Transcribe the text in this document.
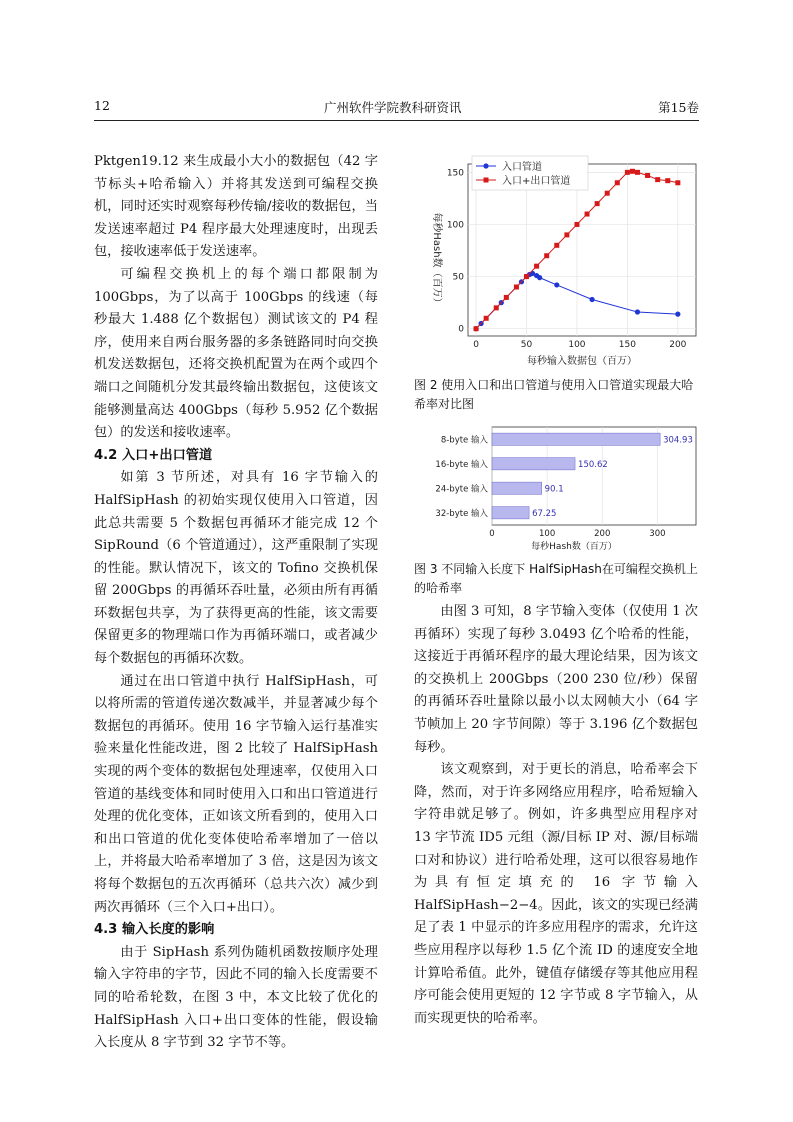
12	广州软件学院教科研资讯	第15卷

Pktgen19.12 来生成最小大小的数据包（42 字节标头+哈希输入）并将其发送到可编程交换机，同时还实时观察每秒传输/接收的数据包，当发送速率超过 P4 程序最大处理速度时，出现丢包，接收速率低于发送速率。

可编程交换机上的每个端口都限制为 100Gbps，为了以高于 100Gbps 的线速（每秒最大 1.488 亿个数据包）测试该文的 P4 程序，使用来自两台服务器的多条链路同时向交换机发送数据包，还将交换机配置为在两个或四个端口之间随机分发其最终输出数据包，这使该文能够测量高达 400Gbps（每秒 5.952 亿个数据包）的发送和接收速率。

4.2 入口+出口管道

如第 3 节所述，对具有 16 字节输入的 HalfSipHash 的初始实现仅使用入口管道，因此总共需要 5 个数据包再循环才能完成 12 个 SipRound（6 个管道通过），这严重限制了实现的性能。默认情况下，该文的 Tofino 交换机保留 200Gbps 的再循环吞吐量，必须由所有再循环数据包共享，为了获得更高的性能，该文需要保留更多的物理端口作为再循环端口，或者减少每个数据包的再循环次数。

通过在出口管道中执行 HalfSipHash，可以将所需的管道传递次数减半，并显著减少每个数据包的再循环。使用 16 字节输入运行基准实验来量化性能改进，图 2 比较了 HalfSipHash 实现的两个变体的数据包处理速率，仅使用入口管道的基线变体和同时使用入口和出口管道进行处理的优化变体，正如该文所看到的，使用入口和出口管道的优化变体使哈希率增加了一倍以上，并将最大哈希率增加了 3 倍，这是因为该文将每个数据包的五次再循环（总共六次）减少到两次再循环（三个入口+出口）。

4.3 输入长度的影响

由于 SipHash 系列伪随机函数按顺序处理输入字符串的字节，因此不同的输入长度需要不同的哈希轮数，在图 3 中，本文比较了优化的 HalfSipHash 入口+出口变体的性能，假设输入长度从 8 字节到 32 字节不等。

0	50	100	150	200
0
50
100
150
每秒输入数据包（百万）
每秒Hash数（百万）
入口管道
入口+出口管道
图 2 使用入口和出口管道与使用入口管道实现最大哈希率对比图
0	100	200	300
8-byte 输入	304.93
16-byte 输入	150.62
24-byte 输入	90.1
32-byte 输入	67.25
每秒Hash数（百万）
图 3 不同输入长度下 HalfSipHash在可编程交换机上的哈希率

由图 3 可知，8 字节输入变体（仅使用 1 次再循环）实现了每秒 3.0493 亿个哈希的性能，这接近于再循环程序的最大理论结果，因为该文的交换机上 200Gbps（200 230 位/秒）保留的再循环吞吐量除以最小以太网帧大小（64 字节帧加上 20 字节间隙）等于 3.196 亿个数据包每秒。

该文观察到，对于更长的消息，哈希率会下降，然而，对于许多网络应用程序，哈希短输入字符串就足够了。例如，许多典型应用程序对 13 字节流 ID5 元组（源/目标 IP 对、源/目标端口对和协议）进行哈希处理，这可以很容易地作为具有恒定填充的 16 字节输入 HalfSipHash−2−4。因此，该文的实现已经满足了表 1 中显示的许多应用程序的需求，允许这些应用程序以每秒 1.5 亿个流 ID 的速度安全地计算哈希值。此外，键值存储缓存等其他应用程序可能会使用更短的 12 字节或 8 字节输入，从而实现更快的哈希率。
